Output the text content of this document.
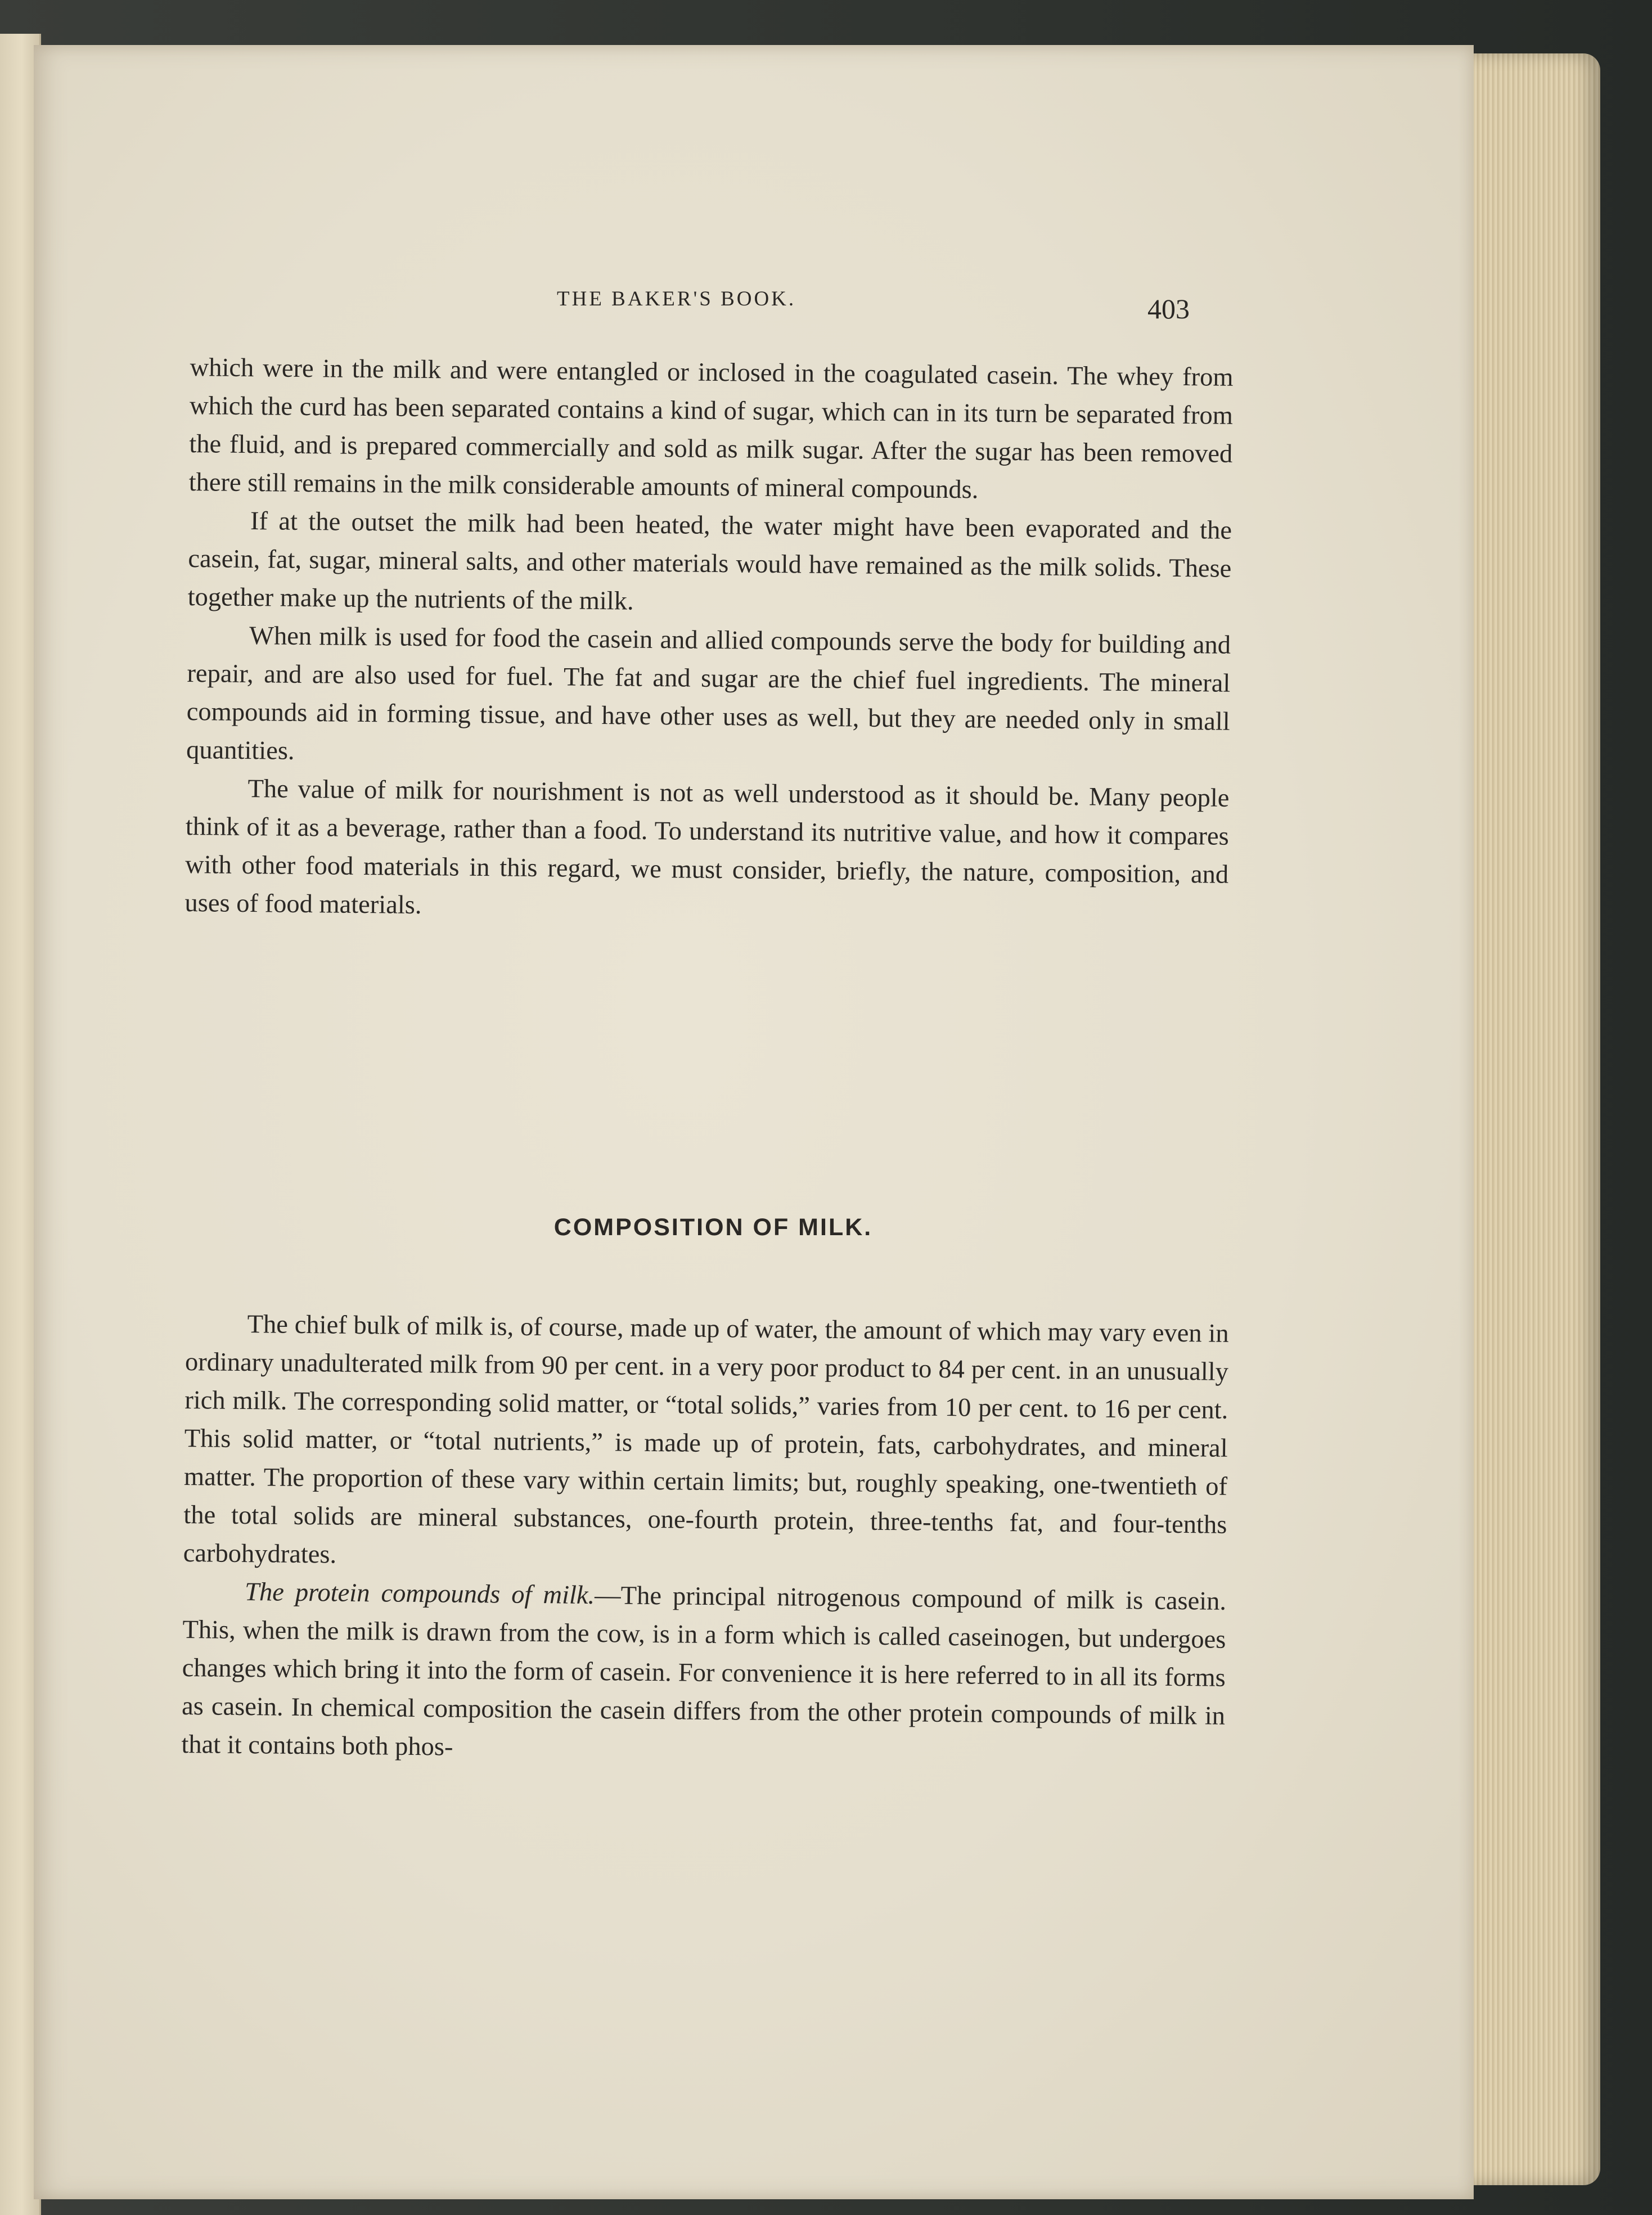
THE BAKER'S BOOK.	403

which were in the milk and were entangled or inclosed in the coagulated casein. The whey from which the curd has been separated contains a kind of sugar, which can in its turn be separated from the fluid, and is prepared commercially and sold as milk sugar. After the sugar has been removed there still remains in the milk considerable amounts of mineral compounds.

If at the outset the milk had been heated, the water might have been evaporated and the casein, fat, sugar, mineral salts, and other materials would have remained as the milk solids. These together make up the nutrients of the milk.

When milk is used for food the casein and allied compounds serve the body for building and repair, and are also used for fuel. The fat and sugar are the chief fuel ingredients. The mineral compounds aid in forming tissue, and have other uses as well, but they are needed only in small quantities.

The value of milk for nourishment is not as well understood as it should be. Many people think of it as a beverage, rather than a food. To understand its nutritive value, and how it compares with other food materials in this regard, we must consider, briefly, the nature, composition, and uses of food materials.

COMPOSITION OF MILK.

The chief bulk of milk is, of course, made up of water, the amount of which may vary even in ordinary unadulterated milk from 90 per cent. in a very poor product to 84 per cent. in an unusually rich milk. The corresponding solid matter, or “total solids,” varies from 10 per cent. to 16 per cent. This solid matter, or “total nutrients,” is made up of protein, fats, carbohydrates, and mineral matter. The proportion of these vary within certain limits; but, roughly speaking, one-twentieth of the total solids are mineral substances, one-fourth protein, three-tenths fat, and four-tenths carbohydrates.

The protein compounds of milk.—The principal nitrogenous compound of milk is casein. This, when the milk is drawn from the cow, is in a form which is called caseinogen, but undergoes changes which bring it into the form of casein. For convenience it is here referred to in all its forms as casein. In chemical composition the casein differs from the other protein compounds of milk in that it contains both phos-
